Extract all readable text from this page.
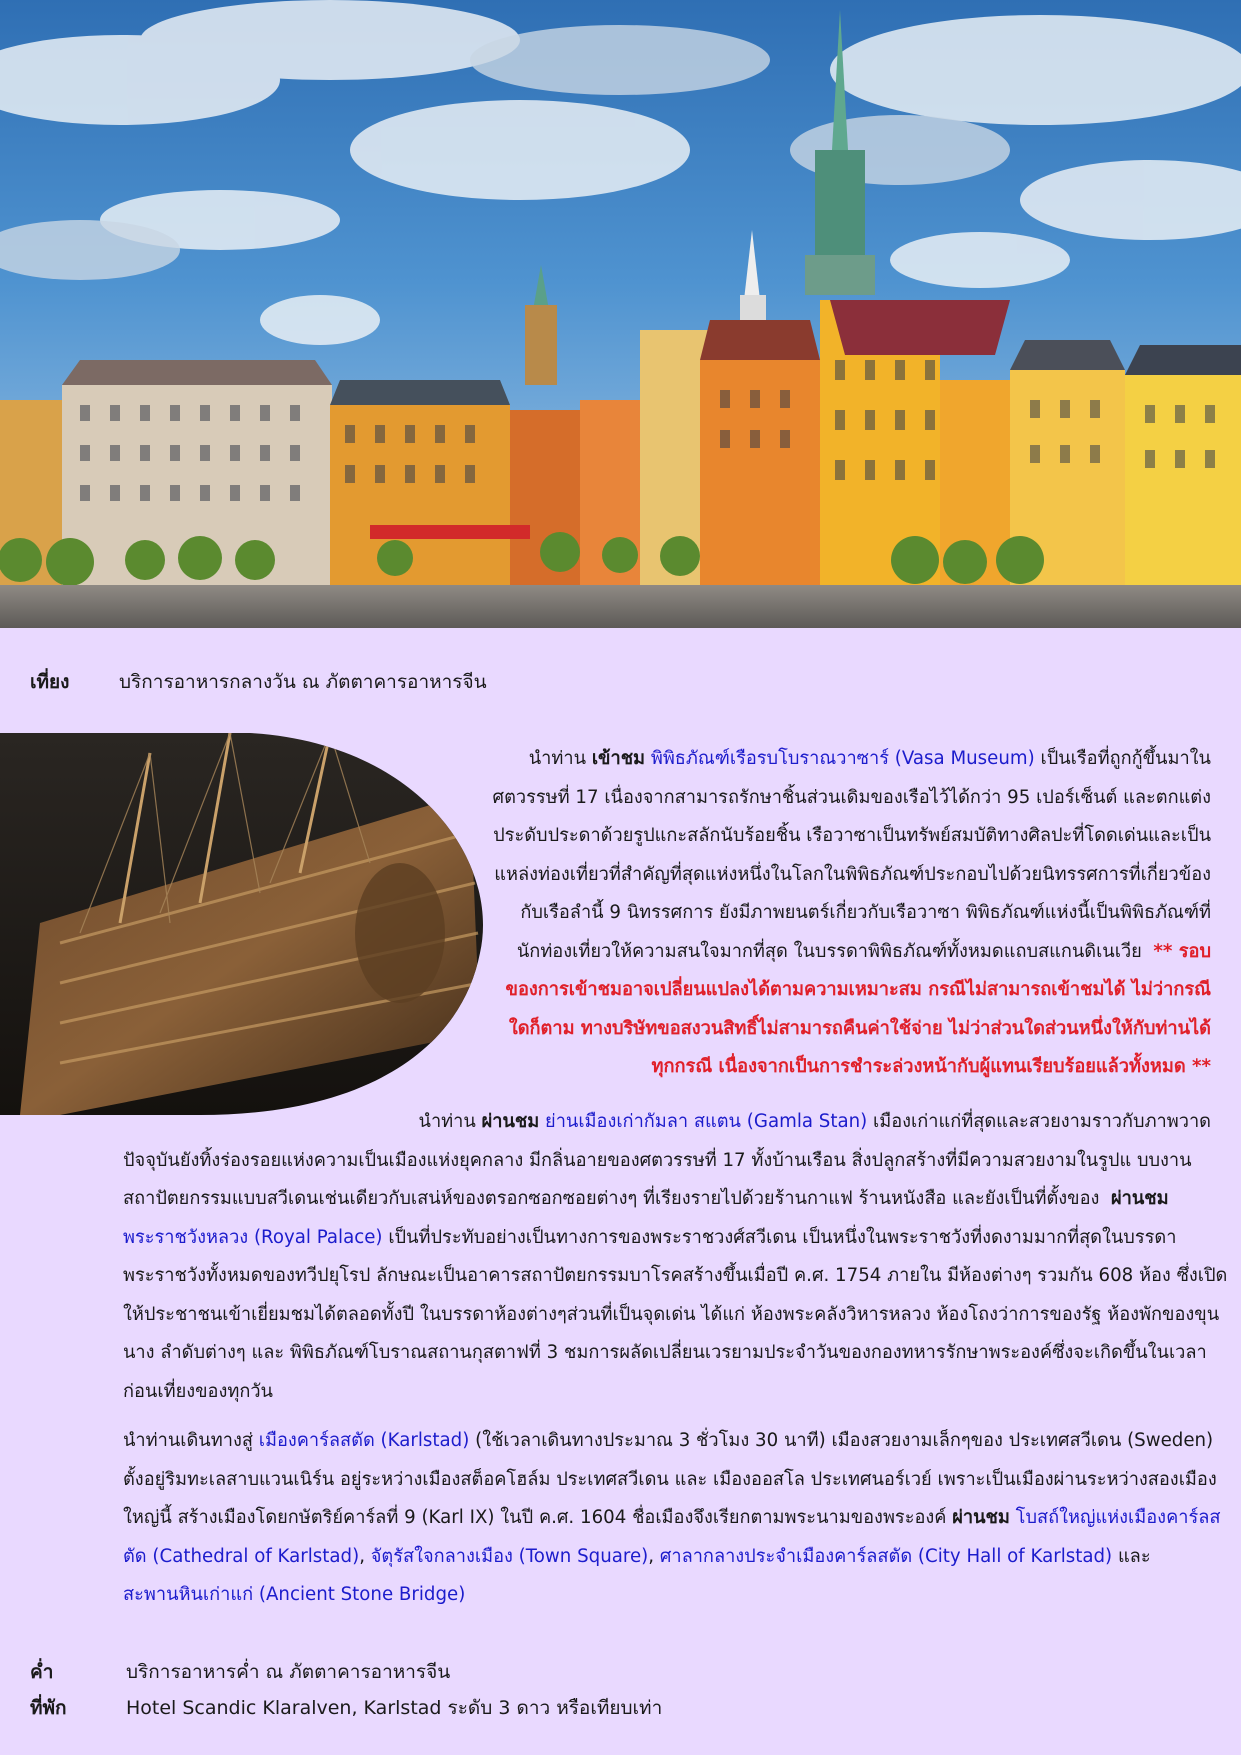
เที่ยง	บริการอาหารกลางวัน ณ ภัตตาคารอาหารจีน
นำท่าน เข้าชม พิพิธภัณฑ์เรือรบโบราณวาซาร์ (Vasa Museum) เป็นเรือที่ถูกกู้ขึ้นมาใน
ศตวรรษที่ 17 เนื่องจากสามารถรักษาชิ้นส่วนเดิมของเรือไว้ได้กว่า 95 เปอร์เซ็นต์ และตกแต่ง
ประดับประดาด้วยรูปแกะสลักนับร้อยชิ้น เรือวาซาเป็นทรัพย์สมบัติทางศิลปะที่โดดเด่นและเป็น
แหล่งท่องเที่ยวที่สำคัญที่สุดแห่งหนึ่งในโลกในพิพิธภัณฑ์ประกอบไปด้วยนิทรรศการที่เกี่ยวข้อง
กับเรือลำนี้ 9 นิทรรศการ ยังมีภาพยนตร์เกี่ยวกับเรือวาซา พิพิธภัณฑ์แห่งนี้เป็นพิพิธภัณฑ์ที่
นักท่องเที่ยวให้ความสนใจมากที่สุด ในบรรดาพิพิธภัณฑ์ทั้งหมดแถบสแกนดิเนเวีย ** รอบ
ของการเข้าชมอาจเปลี่ยนแปลงได้ตามความเหมาะสม กรณีไม่สามารถเข้าชมได้ ไม่ว่ากรณี
ใดก็ตาม ทางบริษัทขอสงวนสิทธิ์ไม่สามารถคืนค่าใช้จ่าย ไม่ว่าส่วนใดส่วนหนึ่งให้กับท่านได้
ทุกกรณี เนื่องจากเป็นการชำระล่วงหน้ากับผู้แทนเรียบร้อยแล้วทั้งหมด **
นำท่าน ผ่านชม ย่านเมืองเก่ากัมลา สแตน (Gamla Stan) เมืองเก่าแก่ที่สุดและสวยงามราวกับภาพวาด
ปัจจุบันยังทิ้งร่องรอยแห่งความเป็นเมืองแห่งยุคกลาง มีกลิ่นอายของศตวรรษที่ 17 ทั้งบ้านเรือน สิ่งปลูกสร้างที่มีความสวยงามในรูปแ บบงาน
สถาปัตยกรรมแบบสวีเดนเช่นเดียวกับเสน่ห์ของตรอกซอกซอยต่างๆ ที่เรียงรายไปด้วยร้านกาแฟ ร้านหนังสือ และยังเป็นที่ตั้งของ ผ่านชม
พระราชวังหลวง (Royal Palace) เป็นที่ประทับอย่างเป็นทางการของพระราชวงศ์สวีเดน เป็นหนึ่งในพระราชวังที่งดงามมากที่สุดในบรรดา
พระราชวังทั้งหมดของทวีปยุโรป ลักษณะเป็นอาคารสถาปัตยกรรมบาโรคสร้างขึ้นเมื่อปี ค.ศ. 1754 ภายใน มีห้องต่างๆ รวมกัน 608 ห้อง ซึ่งเปิด
ให้ประชาชนเข้าเยี่ยมชมได้ตลอดทั้งปี ในบรรดาห้องต่างๆส่วนที่เป็นจุดเด่น ได้แก่ ห้องพระคลังวิหารหลวง ห้องโถงว่าการของรัฐ ห้องพักของขุน
นาง ลำดับต่างๆ และ พิพิธภัณฑ์โบราณสถานกุสตาฟที่ 3 ชมการผลัดเปลี่ยนเวรยามประจำวันของกองทหารรักษาพระองค์ซึ่งจะเกิดขึ้นในเวลา
ก่อนเที่ยงของทุกวัน
นำท่านเดินทางสู่ เมืองคาร์ลสตัด (Karlstad) (ใช้เวลาเดินทางประมาณ 3 ชั่วโมง 30 นาที) เมืองสวยงามเล็กๆของ ประเทศสวีเดน (Sweden)
ตั้งอยู่ริมทะเลสาบแวนเนิร์น อยู่ระหว่างเมืองสต็อคโฮล์ม ประเทศสวีเดน และ เมืองออสโล ประเทศนอร์เวย์ เพราะเป็นเมืองผ่านระหว่างสองเมือง
ใหญ่นี้ สร้างเมืองโดยกษัตริย์คาร์ลที่ 9 (Karl IX) ในปี ค.ศ. 1604 ชื่อเมืองจึงเรียกตามพระนามของพระองค์ ผ่านชม โบสถ์ใหญ่แห่งเมืองคาร์ลส
ตัด (Cathedral of Karlstad), จัตุรัสใจกลางเมือง (Town Square), ศาลากลางประจำเมืองคาร์ลสตัด (City Hall of Karlstad) และ
สะพานหินเก่าแก่ (Ancient Stone Bridge)
ค่ำ	บริการอาหารค่ำ ณ ภัตตาคารอาหารจีน
ที่พัก	Hotel Scandic Klaralven, Karlstad ระดับ 3 ดาว หรือเทียบเท่า
